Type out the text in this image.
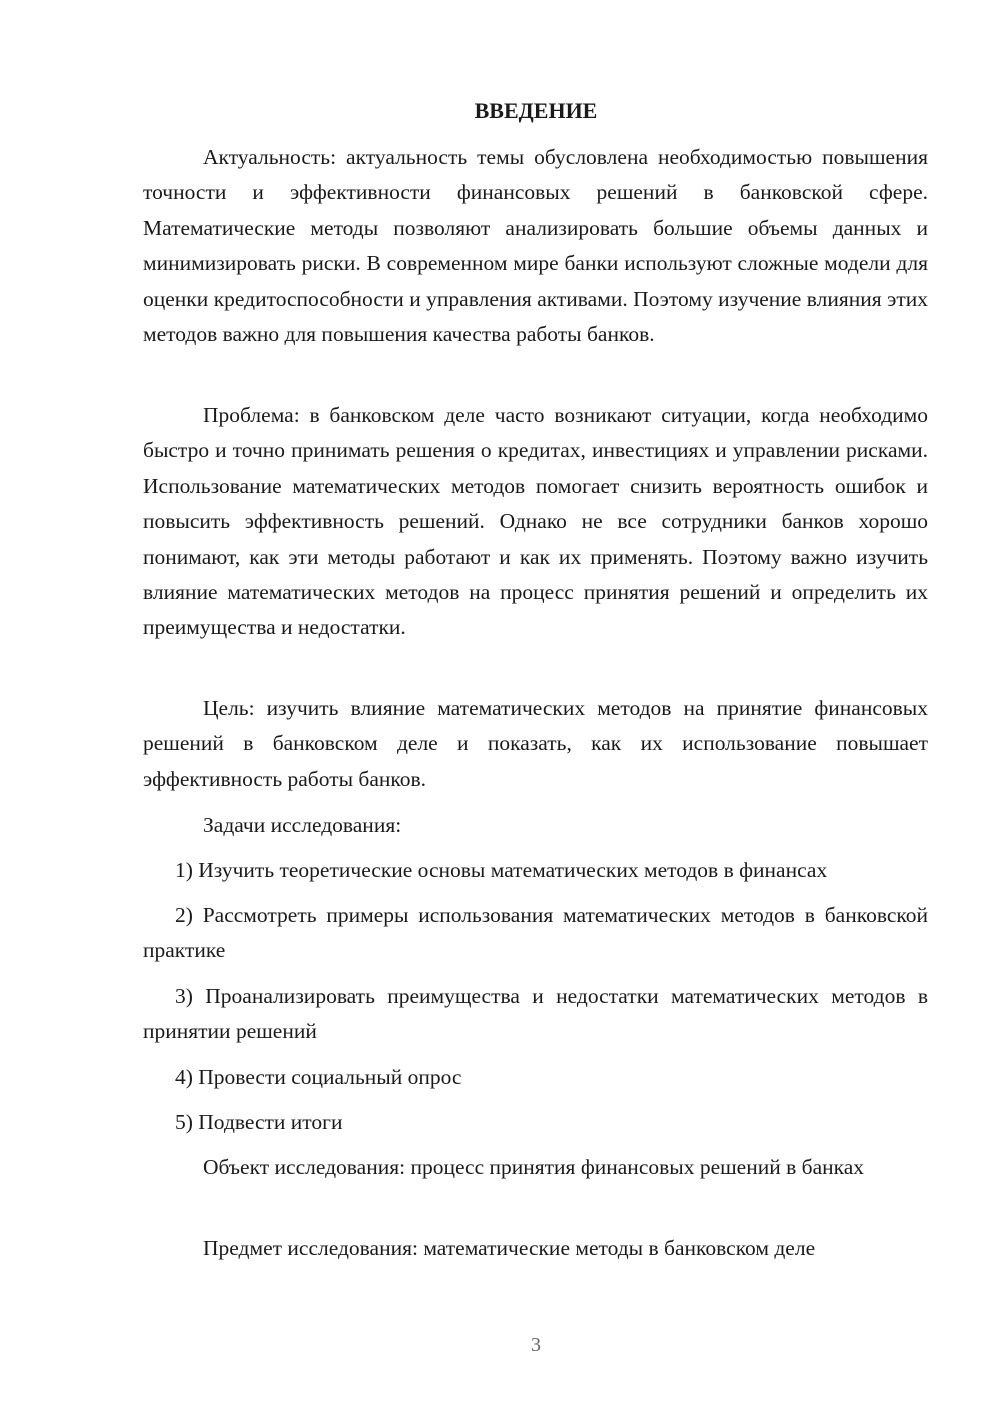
ВВЕДЕНИЕ

Актуальность: актуальность темы обусловлена необходимостью повышения точности и эффективности финансовых решений в банковской сфере. Математические методы позволяют анализировать большие объемы данных и минимизировать риски. В современном мире банки используют сложные модели для оценки кредитоспособности и управления активами. Поэтому изучение влияния этих методов важно для повышения качества работы банков.

Проблема: в банковском деле часто возникают ситуации, когда необходимо быстро и точно принимать решения о кредитах, инвестициях и управлении рисками. Использование математических методов помогает снизить вероятность ошибок и повысить эффективность решений. Однако не все сотрудники банков хорошо понимают, как эти методы работают и как их применять. Поэтому важно изучить влияние математических методов на процесс принятия решений и определить их преимущества и недостатки.

Цель: изучить влияние математических методов на принятие финансовых решений в банковском деле и показать, как их использование повышает эффективность работы банков.

Задачи исследования:

1) Изучить теоретические основы математических методов в финансах

2) Рассмотреть примеры использования математических методов в банковской практике

3) Проанализировать преимущества и недостатки математических методов в принятии решений

4) Провести социальный опрос

5) Подвести итоги

Объект исследования: процесс принятия финансовых решений в банках

Предмет исследования: математические методы в банковском деле

3
